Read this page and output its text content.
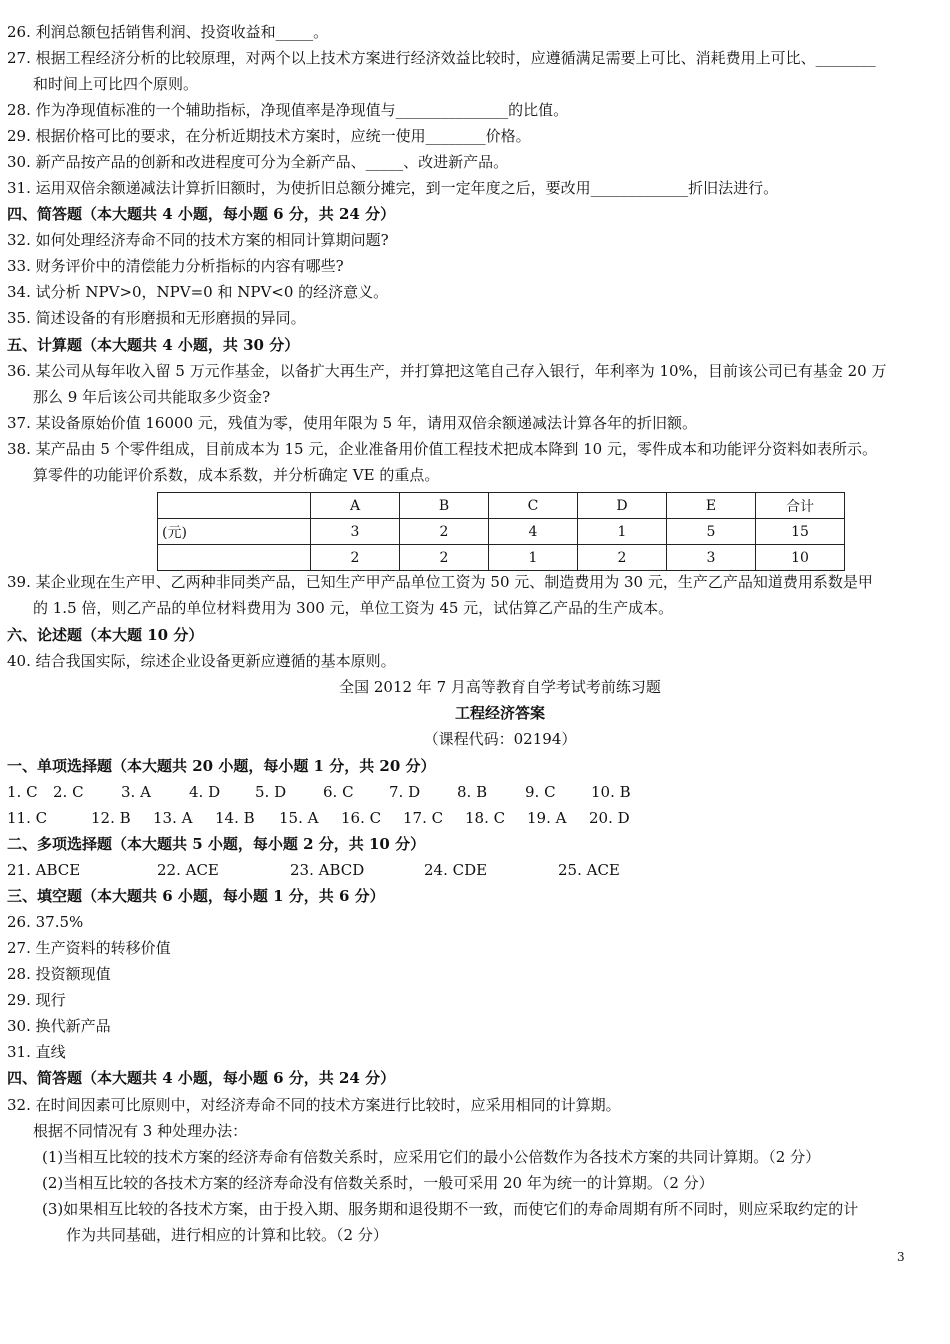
26. 利润总额包括销售利润、投资收益和_____。
27. 根据工程经济分析的比较原理，对两个以上技术方案进行经济效益比较时，应遵循满足需要上可比、消耗费用上可比、________
和时间上可比四个原则。
28. 作为净现值标准的一个辅助指标，净现值率是净现值与_______________的比值。
29. 根据价格可比的要求，在分析近期技术方案时，应统一使用________价格。
30. 新产品按产品的创新和改进程度可分为全新产品、_____、改进新产品。
31. 运用双倍余额递减法计算折旧额时，为使折旧总额分摊完，到一定年度之后，要改用_____________折旧法进行。
四、简答题（本大题共 4 小题，每小题 6 分，共 24 分）
32. 如何处理经济寿命不同的技术方案的相同计算期问题?
33. 财务评价中的清偿能力分析指标的内容有哪些?
34. 试分析 NPV>0，NPV=0 和 NPV<0 的经济意义。
35. 简述设备的有形磨损和无形磨损的异同。
五、计算题（本大题共 4 小题，共 30 分）
36. 某公司从每年收入留 5 万元作基金，以备扩大再生产，并打算把这笔自己存入银行，年利率为 10%，目前该公司已有基金 20 万
那么 9 年后该公司共能取多少资金?
37. 某设备原始价值 16000 元，残值为零，使用年限为 5 年，请用双倍余额递减法计算各年的折旧额。
38. 某产品由 5 个零件组成，目前成本为 15 元，企业准备用价值工程技术把成本降到 10 元，零件成本和功能评分资料如表所示。
算零件的功能评价系数，成本系数，并分析确定 VE 的重点。
	A	B	C	D	E	合计
(元)	3	2	4	1	5	15
	2	2	1	2	3	10
39. 某企业现在生产甲、乙两种非同类产品，已知生产甲产品单位工资为 50 元、制造费用为 30 元，生产乙产品知道费用系数是甲
的 1.5 倍，则乙产品的单位材料费用为 300 元，单位工资为 45 元，试估算乙产品的生产成本。
六、论述题（本大题 10 分）
40. 结合我国实际，综述企业设备更新应遵循的基本原则。
全国 2012 年 7 月高等教育自学考试考前练习题
工程经济答案
（课程代码：02194）
一、单项选择题（本大题共 20 小题，每小题 1 分，共 20 分）
1. C 2. C 3. A	4. D 5. D 6. C 7. D 8. B	9. C 10. B
11. C	12. B 13. A 14. B 15. A 16. C 17. C 18. C 19. A 20. D
二、多项选择题（本大题共 5 小题，每小题 2 分，共 10 分）
21. ABCE	22. ACE	23. ABCD	24. CDE	25. ACE
三、填空题（本大题共 6 小题，每小题 1 分，共 6 分）
26. 37.5%
27. 生产资料的转移价值
28. 投资额现值
29. 现行
30. 换代新产品
31. 直线
四、简答题（本大题共 4 小题，每小题 6 分，共 24 分）
32. 在时间因素可比原则中，对经济寿命不同的技术方案进行比较时，应采用相同的计算期。
根据不同情况有 3 种处理办法：
(1)当相互比较的技术方案的经济寿命有倍数关系时，应采用它们的最小公倍数作为各技术方案的共同计算期。（2 分）
(2)当相互比较的各技术方案的经济寿命没有倍数关系时，一般可采用 20 年为统一的计算期。（2 分）
(3)如果相互比较的各技术方案，由于投入期、服务期和退役期不一致，而使它们的寿命周期有所不同时，则应采取约定的计
作为共同基础，进行相应的计算和比较。（2 分）
3
